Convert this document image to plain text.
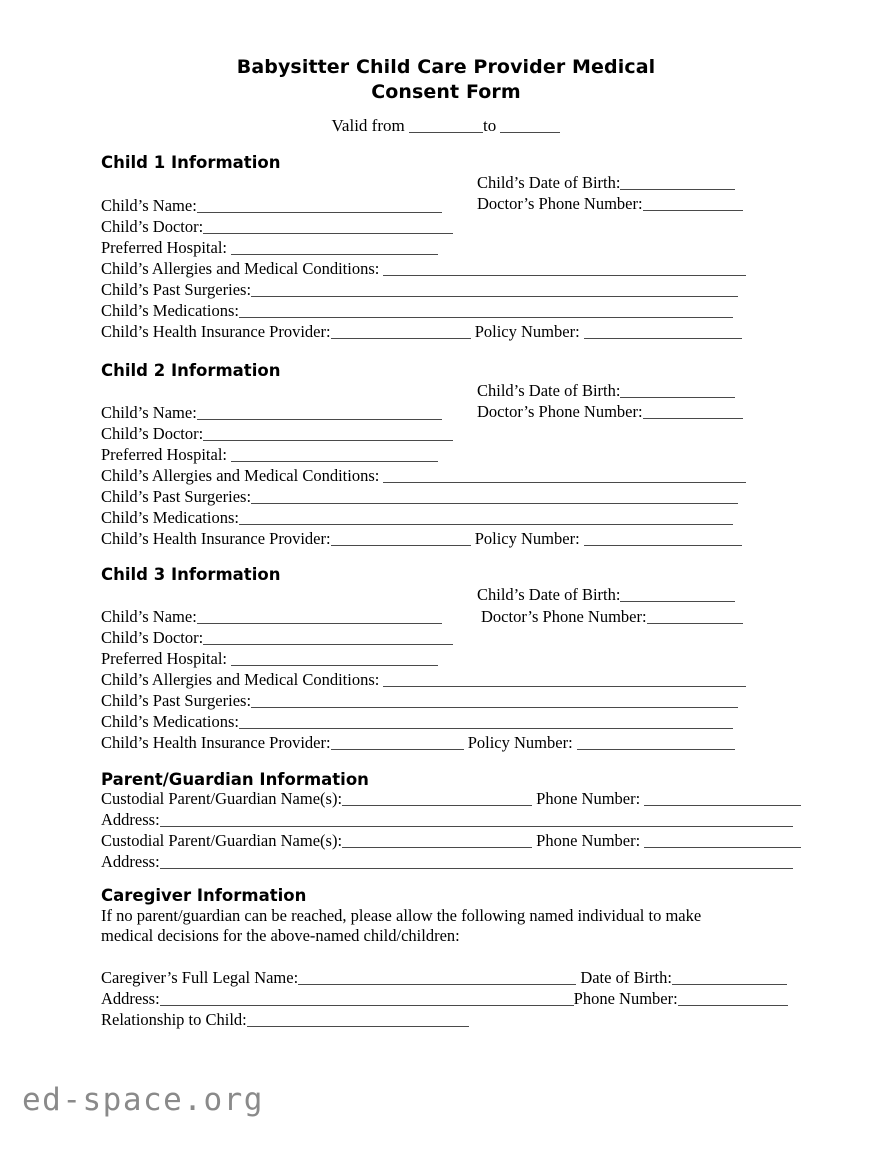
Babysitter Child Care Provider Medical
Consent Form
Valid from	to
Child 1 Information
Child’s Date of Birth:
Doctor’s Phone Number:
Child’s Name:
Child’s Doctor:
Preferred Hospital:
Child’s Allergies and Medical Conditions:
Child’s Past Surgeries:
Child’s Medications:
Child’s Health Insurance Provider:	Policy Number:
Child 2 Information
Child’s Date of Birth:
Doctor’s Phone Number:
Child’s Name:
Child’s Doctor:
Preferred Hospital:
Child’s Allergies and Medical Conditions:
Child’s Past Surgeries:
Child’s Medications:
Child’s Health Insurance Provider:	Policy Number:
Child 3 Information
Child’s Date of Birth:
Doctor’s Phone Number:
Child’s Name:
Child’s Doctor:
Preferred Hospital:
Child’s Allergies and Medical Conditions:
Child’s Past Surgeries:
Child’s Medications:
Child’s Health Insurance Provider:	Policy Number:
Parent/Guardian Information
Custodial Parent/Guardian Name(s):	Phone Number:
Address:
Custodial Parent/Guardian Name(s):	Phone Number:
Address:
Caregiver Information
If no parent/guardian can be reached, please allow the following named individual to make medical decisions for the above-named child/children:
Caregiver’s Full Legal Name:	Date of Birth:
Address:	Phone Number:
Relationship to Child:
ed-space.org
